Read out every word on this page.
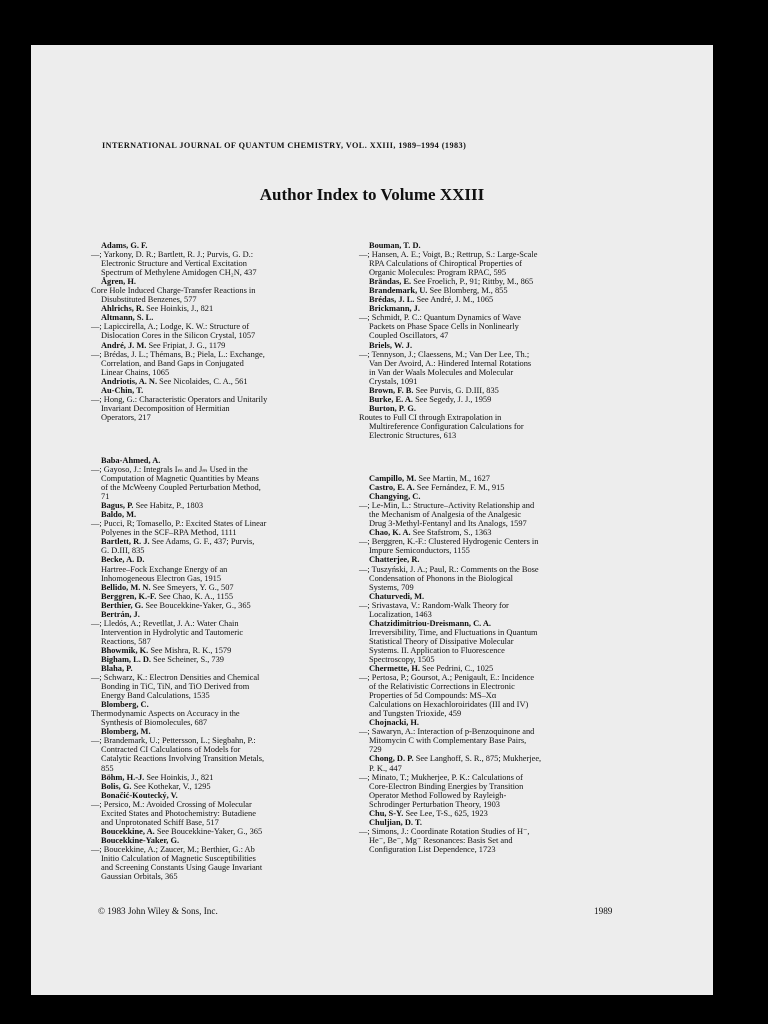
INTERNATIONAL JOURNAL OF QUANTUM CHEMISTRY, VOL. XXIII, 1989–1994 (1983)
Author Index to Volume XXIII
Adams, G. F.
—; Yarkony, D. R.; Bartlett, R. J.; Purvis, G. D.:
Electronic Structure and Vertical Excitation
Spectrum of Methylene Amidogen CH₂N, 437
Ågren, H.
Core Hole Induced Charge-Transfer Reactions in
Disubstituted Benzenes, 577
Ahlrichs, R. See Hoinkis, J., 821
Altmann, S. L.
—; Lapiccirella, A.; Lodge, K. W.: Structure of
Dislocation Cores in the Silicon Crystal, 1057
André, J. M. See Fripiat, J. G., 1179
—; Brédas, J. L.; Thémans, B.; Piela, L.: Exchange,
Correlation, and Band Gaps in Conjugated
Linear Chains, 1065
Andriotis, A. N. See Nicolaides, C. A., 561
Au-Chin, T.
—; Hong, G.: Characteristic Operators and Unitarily
Invariant Decomposition of Hermitian
Operators, 217
Baba-Ahmed, A.
—; Gayoso, J.: Integrals Iₘ and Jₘ Used in the
Computation of Magnetic Quantities by Means
of the McWeeny Coupled Perturbation Method,
71
Bagus, P. See Habitz, P., 1803
Baldo, M.
—; Pucci, R; Tomasello, P.: Excited States of Linear
Polyenes in the SCF–RPA Method, 1111
Bartlett, R. J. See Adams, G. F., 437; Purvis,
G. D.III, 835
Becke, A. D.
Hartree–Fock Exchange Energy of an
Inhomogeneous Electron Gas, 1915
Bellido, M. N. See Smeyers, Y. G., 507
Berggren, K.-F. See Chao, K. A., 1155
Berthier, G. See Boucekkine-Yaker, G., 365
Bertrán, J.
—; Lledós, A.; Revetllat, J. A.: Water Chain
Intervention in Hydrolytic and Tautomeric
Reactions, 587
Bhowmik, K. See Mishra, R. K., 1579
Bigham, L. D. See Scheiner, S., 739
Blaha, P.
—; Schwarz, K.: Electron Densities and Chemical
Bonding in TiC, TiN, and TiO Derived from
Energy Band Calculations, 1535
Blomberg, C.
Thermodynamic Aspects on Accuracy in the
Synthesis of Biomolecules, 687
Blomberg, M.
—; Brandemark, U.; Pettersson, L.; Siegbahn, P.:
Contracted CI Calculations of Models for
Catalytic Reactions Involving Transition Metals,
855
Böhm, H.-J. See Hoinkis, J., 821
Bolis, G. See Kothekar, V., 1295
Bonačić-Koutecký, V.
—; Persico, M.: Avoided Crossing of Molecular
Excited States and Photochemistry: Butadiene
and Unprotonated Schiff Base, 517
Boucekkine, A. See Boucekkine-Yaker, G., 365
Boucekkine-Yaker, G.
—; Boucekkine, A.; Zaucer, M.; Berthier, G.: Ab
Initio Calculation of Magnetic Susceptibilities
and Screening Constants Using Gauge Invariant
Gaussian Orbitals, 365
Bouman, T. D.
—; Hansen, A. E.; Voigt, B.; Rettrup, S.: Large-Scale
RPA Calculations of Chiroptical Properties of
Organic Molecules: Program RPAC, 595
Brändas, E. See Froelich, P., 91; Rittby, M., 865
Brandemark, U. See Blomberg, M., 855
Brédas, J. L. See André, J. M., 1065
Brickmann, J.
—; Schmidt, P. C.: Quantum Dynamics of Wave
Packets on Phase Space Cells in Nonlinearly
Coupled Oscillators, 47
Briels, W. J.
—; Tennyson, J.; Claessens, M.; Van Der Lee, Th.;
Van Der Avoird, A.: Hindered Internal Rotations
in Van der Waals Molecules and Molecular
Crystals, 1091
Brown, F. B. See Purvis, G. D.III, 835
Burke, E. A. See Segedy, J. J., 1959
Burton, P. G.
Routes to Full CI through Extrapolation in
Multireference Configuration Calculations for
Electronic Structures, 613
Campillo, M. See Martin, M., 1627
Castro, E. A. See Fernández, F. M., 915
Changying, C.
—; Le-Min, L.: Structure–Activity Relationship and
the Mechanism of Analgesia of the Analgesic
Drug 3-Methyl-Fentanyl and Its Analogs, 1597
Chao, K. A. See Stafstrom, S., 1363
—; Berggren, K.-F.: Clustered Hydrogenic Centers in
Impure Semiconductors, 1155
Chatterjee, R.
—; Tuszyński, J. A.; Paul, R.: Comments on the Bose
Condensation of Phonons in the Biological
Systems, 709
Chaturvedi, M.
—; Srivastava, V.: Random-Walk Theory for
Localization, 1463
Chatzidimitriou-Dreismann, C. A.
Irreversibility, Time, and Fluctuations in Quantum
Statistical Theory of Dissipative Molecular
Systems. II. Application to Fluorescence
Spectroscopy, 1505
Chermette, H. See Pedrini, C., 1025
—; Pertosa, P.; Goursot, A.; Penigault, E.: Incidence
of the Relativistic Corrections in Electronic
Properties of 5d Compounds: MS–Xα
Calculations on Hexachloroiridates (III and IV)
and Tungsten Trioxide, 459
Chojnacki, H.
—; Sawaryn, A.: Interaction of p-Benzoquinone and
Mitomycin C with Complementary Base Pairs,
729
Chong, D. P. See Langhoff, S. R., 875; Mukherjee,
P. K., 447
—; Minato, T.; Mukherjee, P. K.: Calculations of
Core-Electron Binding Energies by Transition
Operator Method Followed by Rayleigh-
Schrodinger Perturbation Theory, 1903
Chu, S-Y. See Lee, T-S., 625, 1923
Chuljian, D. T.
—; Simons, J.: Coordinate Rotation Studies of H⁻,
He⁻, Be⁻, Mg⁻ Resonances: Basis Set and
Configuration List Dependence, 1723
© 1983 John Wiley & Sons, Inc.	1989
